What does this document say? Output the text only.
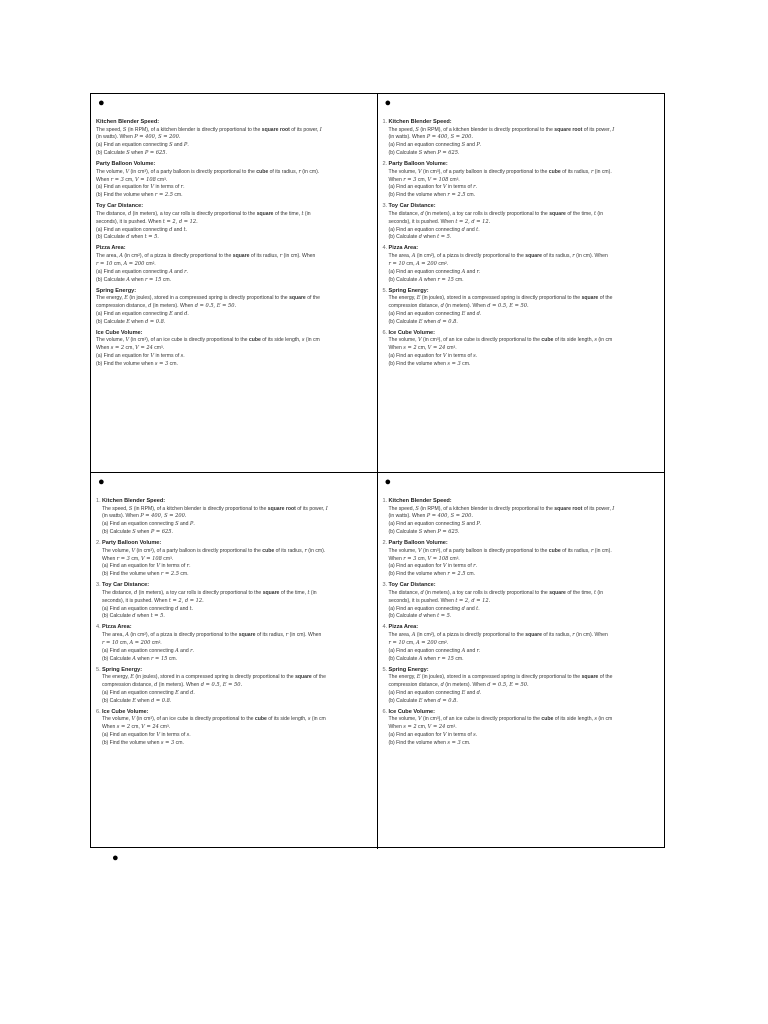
●
Kitchen Blender Speed:
The speed, S (in RPM), of a kitchen blender is directly proportional to the square root of its power, I
(in watts). When P = 400, S = 200.
(a) Find an equation connecting S and P.
(b) Calculate S when P = 625.
Party Balloon Volume:
The volume, V (in cm³), of a party balloon is directly proportional to the cube of its radius, r (in cm).
When r = 3 cm, V = 108 cm³.
(a) Find an equation for V in terms of r.
(b) Find the volume when r = 2.5 cm.
Toy Car Distance:
The distance, d (in meters), a toy car rolls is directly proportional to the square of the time, t (in
seconds), it is pushed. When t = 2, d = 12.
(a) Find an equation connecting d and t.
(b) Calculate d when t = 5.
Pizza Area:
The area, A (in cm²), of a pizza is directly proportional to the square of its radius, r (in cm). When
r = 10 cm, A = 200 cm².
(a) Find an equation connecting A and r.
(b) Calculate A when r = 15 cm.
Spring Energy:
The energy, E (in joules), stored in a compressed spring is directly proportional to the square of the
compression distance, d (in meters). When d = 0.5, E = 50.
(a) Find an equation connecting E and d.
(b) Calculate E when d = 0.8.
Ice Cube Volume:
The volume, V (in cm³), of an ice cube is directly proportional to the cube of its side length, s (in cm
When s = 2 cm, V = 24 cm³.
(a) Find an equation for V in terms of s.
(b) Find the volume when s = 3 cm.
●
1. Kitchen Blender Speed:
The speed, S (in RPM), of a kitchen blender is directly proportional to the square root of its power, I
(in watts). When P = 400, S = 200.
(a) Find an equation connecting S and P.
(b) Calculate S when P = 625.
2. Party Balloon Volume:
The volume, V (in cm³), of a party balloon is directly proportional to the cube of its radius, r (in cm).
When r = 3 cm, V = 108 cm³.
(a) Find an equation for V in terms of r.
(b) Find the volume when r = 2.5 cm.
3. Toy Car Distance:
The distance, d (in meters), a toy car rolls is directly proportional to the square of the time, t (in
seconds), it is pushed. When t = 2, d = 12.
(a) Find an equation connecting d and t.
(b) Calculate d when t = 5.
4. Pizza Area:
The area, A (in cm²), of a pizza is directly proportional to the square of its radius, r (in cm). When
r = 10 cm, A = 200 cm².
(a) Find an equation connecting A and r.
(b) Calculate A when r = 15 cm.
5. Spring Energy:
The energy, E (in joules), stored in a compressed spring is directly proportional to the square of the
compression distance, d (in meters). When d = 0.5, E = 50.
(a) Find an equation connecting E and d.
(b) Calculate E when d = 0.8.
6. Ice Cube Volume:
The volume, V (in cm³), of an ice cube is directly proportional to the cube of its side length, s (in cm
When s = 2 cm, V = 24 cm³.
(a) Find an equation for V in terms of s.
(b) Find the volume when s = 3 cm.
●
1. Kitchen Blender Speed:
The speed, S (in RPM), of a kitchen blender is directly proportional to the square root of its power, I
(in watts). When P = 400, S = 200.
(a) Find an equation connecting S and P.
(b) Calculate S when P = 625.
2. Party Balloon Volume:
The volume, V (in cm³), of a party balloon is directly proportional to the cube of its radius, r (in cm).
When r = 3 cm, V = 108 cm³.
(a) Find an equation for V in terms of r.
(b) Find the volume when r = 2.5 cm.
3. Toy Car Distance:
The distance, d (in meters), a toy car rolls is directly proportional to the square of the time, t (in
seconds), it is pushed. When t = 2, d = 12.
(a) Find an equation connecting d and t.
(b) Calculate d when t = 5.
4. Pizza Area:
The area, A (in cm²), of a pizza is directly proportional to the square of its radius, r (in cm). When
r = 10 cm, A = 200 cm².
(a) Find an equation connecting A and r.
(b) Calculate A when r = 15 cm.
5. Spring Energy:
The energy, E (in joules), stored in a compressed spring is directly proportional to the square of the
compression distance, d (in meters). When d = 0.5, E = 50.
(a) Find an equation connecting E and d.
(b) Calculate E when d = 0.8.
6. Ice Cube Volume:
The volume, V (in cm³), of an ice cube is directly proportional to the cube of its side length, s (in cm
When s = 2 cm, V = 24 cm³.
(a) Find an equation for V in terms of s.
(b) Find the volume when s = 3 cm.
●
1. Kitchen Blender Speed:
The speed, S (in RPM), of a kitchen blender is directly proportional to the square root of its power, I
(in watts). When P = 400, S = 200.
(a) Find an equation connecting S and P.
(b) Calculate S when P = 625.
2. Party Balloon Volume:
The volume, V (in cm³), of a party balloon is directly proportional to the cube of its radius, r (in cm).
When r = 3 cm, V = 108 cm³.
(a) Find an equation for V in terms of r.
(b) Find the volume when r = 2.5 cm.
3. Toy Car Distance:
The distance, d (in meters), a toy car rolls is directly proportional to the square of the time, t (in
seconds), it is pushed. When t = 2, d = 12.
(a) Find an equation connecting d and t.
(b) Calculate d when t = 5.
4. Pizza Area:
The area, A (in cm²), of a pizza is directly proportional to the square of its radius, r (in cm). When
r = 10 cm, A = 200 cm².
(a) Find an equation connecting A and r.
(b) Calculate A when r = 15 cm.
5. Spring Energy:
The energy, E (in joules), stored in a compressed spring is directly proportional to the square of the
compression distance, d (in meters). When d = 0.5, E = 50.
(a) Find an equation connecting E and d.
(b) Calculate E when d = 0.8.
6. Ice Cube Volume:
The volume, V (in cm³), of an ice cube is directly proportional to the cube of its side length, s (in cm
When s = 2 cm, V = 24 cm³.
(a) Find an equation for V in terms of s.
(b) Find the volume when s = 3 cm.
●
